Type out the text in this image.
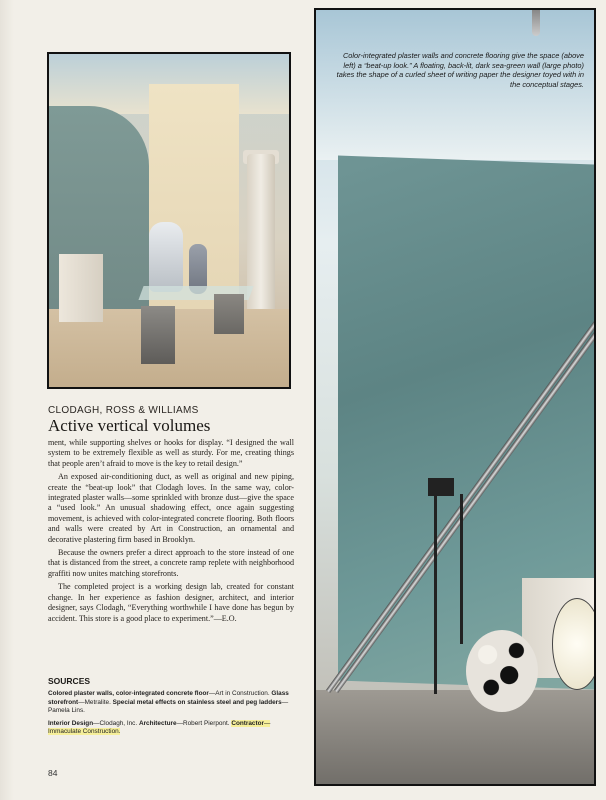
CLODAGH, ROSS & WILLIAMS
Active vertical volumes

ment, while supporting shelves or hooks for display. “I designed the wall system to be extremely flexible as well as sturdy. For me, creating things that people aren’t afraid to move is the key to retail design.”

An exposed air-conditioning duct, as well as original and new piping, create the “beat-up look” that Clodagh loves. In the same way, color-integrated plaster walls—some sprinkled with bronze dust—give the space a “used look.” An unusual shadowing effect, once again suggesting movement, is achieved with color-integrated concrete flooring. Both floors and walls were created by Art in Construction, an ornamental and decorative plastering firm based in Brooklyn.

Because the owners prefer a direct approach to the store instead of one that is distanced from the street, a concrete ramp replete with neighborhood graffiti now unites matching storefronts.

The completed project is a working design lab, created for constant change. In her experience as fashion designer, architect, and interior designer, says Clodagh, “Everything worthwhile I have done has begun by accident. This store is a good place to experiment.”—E.O.

SOURCES

Colored plaster walls, color-integrated concrete floor—Art in Construction. Glass storefront—Metralite. Special metal effects on stainless steel and peg ladders—Pamela Lins.

Interior Design—Clodagh, Inc. Architecture—Robert Pierpont. Contractor—Immaculate Construction.

84
Color-integrated plaster walls and concrete flooring give the space (above left) a “beat-up look.” A floating, back-lit, dark sea-green wall (large photo) takes the shape of a curled sheet of writing paper the designer toyed with in the conceptual stages.
